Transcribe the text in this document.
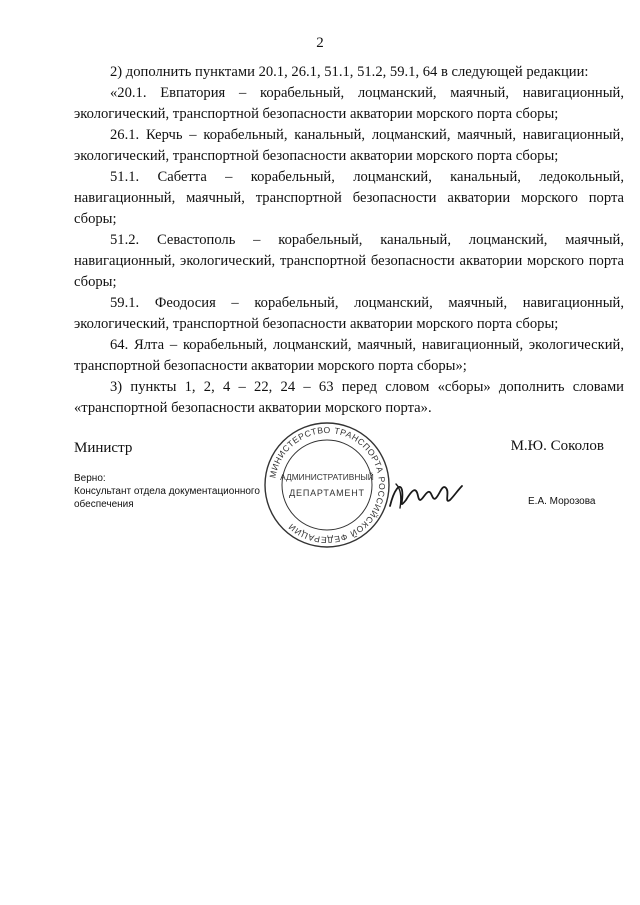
2

2) дополнить пунктами 20.1, 26.1, 51.1, 51.2, 59.1, 64 в следующей редакции:

«20.1. Евпатория – корабельный, лоцманский, маячный, навигационный, экологический, транспортной безопасности акватории морского порта сборы;

26.1. Керчь – корабельный, канальный, лоцманский, маячный, навигационный, экологический, транспортной безопасности акватории морского порта сборы;

51.1. Сабетта – корабельный, лоцманский, канальный, ледокольный, навигационный, маячный, транспортной безопасности акватории морского порта сборы;

51.2. Севастополь – корабельный, канальный, лоцманский, маячный, навигационный, экологический, транспортной безопасности акватории морского порта сборы;

59.1. Феодосия – корабельный, лоцманский, маячный, навигационный, экологический, транспортной безопасности акватории морского порта сборы;

64. Ялта – корабельный, лоцманский, маячный, навигационный, экологический, транспортной безопасности акватории морского порта сборы»;

3) пункты 1, 2, 4 – 22, 24 – 63 перед словом «сборы» дополнить словами «транспортной безопасности акватории морского порта».

Министр	М.Ю. Соколов
Верно:
Консультант отдела документационного
обеспечения	Е.А. Морозова
МИНИСТЕРСТВО ТРАНСПОРТА РОССИЙСКОЙ ФЕДЕРАЦИИ
АДМИНИСТРАТИВНЫЙ
ДЕПАРТАМЕНТ
